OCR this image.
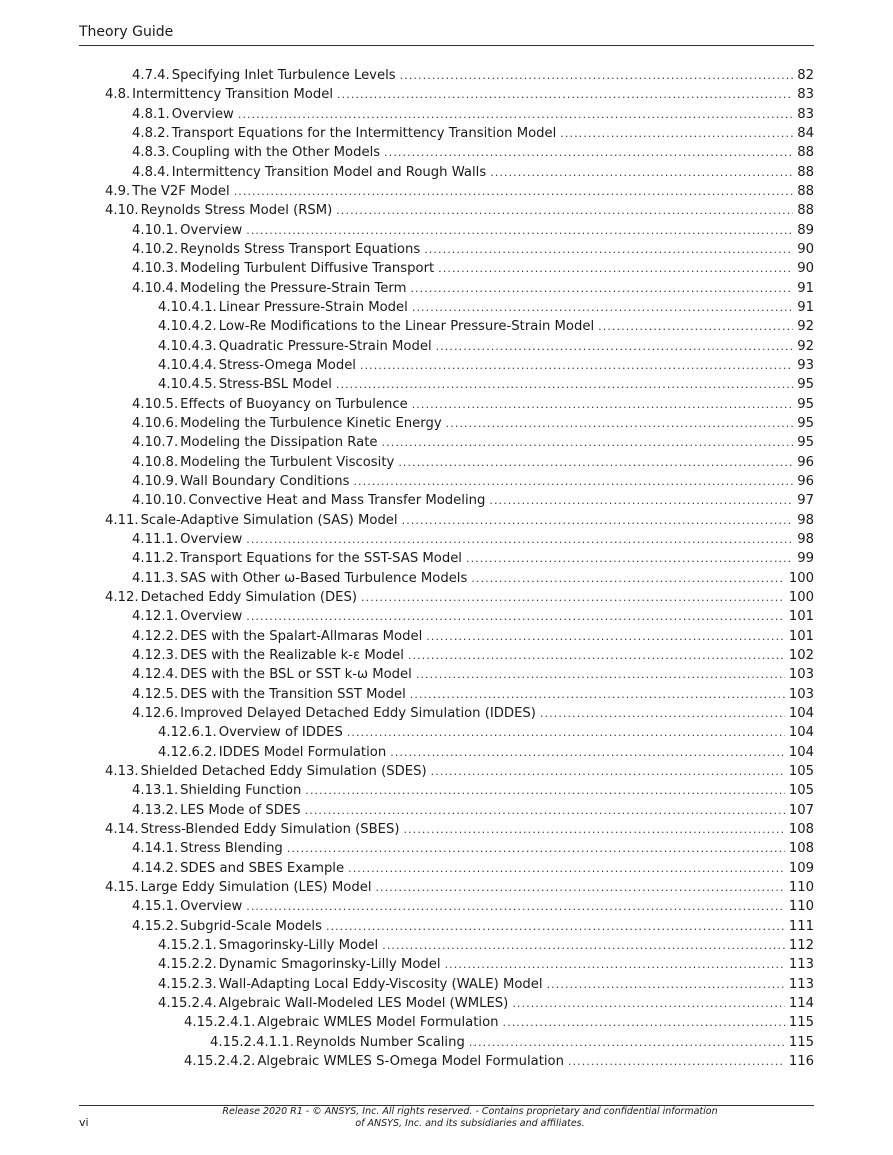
Theory Guide
4.7.4. Specifying Inlet Turbulence Levels .....	82
4.8. Intermittency Transition Model .....	83
4.8.1. Overview .....	83
4.8.2. Transport Equations for the Intermittency Transition Model .....	84
4.8.3. Coupling with the Other Models .....	88
4.8.4. Intermittency Transition Model and Rough Walls .....	88
4.9. The V2F Model .....	88
4.10. Reynolds Stress Model (RSM) .....	88
4.10.1. Overview .....	89
4.10.2. Reynolds Stress Transport Equations .....	90
4.10.3. Modeling Turbulent Diffusive Transport .....	90
4.10.4. Modeling the Pressure-Strain Term .....	91
4.10.4.1. Linear Pressure-Strain Model .....	91
4.10.4.2. Low-Re Modifications to the Linear Pressure-Strain Model .....	92
4.10.4.3. Quadratic Pressure-Strain Model .....	92
4.10.4.4. Stress-Omega Model .....	93
4.10.4.5. Stress-BSL Model .....	95
4.10.5. Effects of Buoyancy on Turbulence .....	95
4.10.6. Modeling the Turbulence Kinetic Energy .....	95
4.10.7. Modeling the Dissipation Rate .....	95
4.10.8. Modeling the Turbulent Viscosity .....	96
4.10.9. Wall Boundary Conditions .....	96
4.10.10. Convective Heat and Mass Transfer Modeling .....	97
4.11. Scale-Adaptive Simulation (SAS) Model .....	98
4.11.1. Overview .....	98
4.11.2. Transport Equations for the SST-SAS Model .....	99
4.11.3. SAS with Other ω-Based Turbulence Models .....	100
4.12. Detached Eddy Simulation (DES) .....	100
4.12.1. Overview .....	101
4.12.2. DES with the Spalart-Allmaras Model .....	101
4.12.3. DES with the Realizable k-ε Model .....	102
4.12.4. DES with the BSL or SST k-ω Model .....	103
4.12.5. DES with the Transition SST Model .....	103
4.12.6. Improved Delayed Detached Eddy Simulation (IDDES) .....	104
4.12.6.1. Overview of IDDES .....	104
4.12.6.2. IDDES Model Formulation .....	104
4.13. Shielded Detached Eddy Simulation (SDES) .....	105
4.13.1. Shielding Function .....	105
4.13.2. LES Mode of SDES .....	107
4.14. Stress-Blended Eddy Simulation (SBES) .....	108
4.14.1. Stress Blending .....	108
4.14.2. SDES and SBES Example .....	109
4.15. Large Eddy Simulation (LES) Model .....	110
4.15.1. Overview .....	110
4.15.2. Subgrid-Scale Models .....	111
4.15.2.1. Smagorinsky-Lilly Model .....	112
4.15.2.2. Dynamic Smagorinsky-Lilly Model .....	113
4.15.2.3. Wall-Adapting Local Eddy-Viscosity (WALE) Model .....	113
4.15.2.4. Algebraic Wall-Modeled LES Model (WMLES) .....	114
4.15.2.4.1. Algebraic WMLES Model Formulation .....	115
4.15.2.4.1.1. Reynolds Number Scaling .....	115
4.15.2.4.2. Algebraic WMLES S-Omega Model Formulation .....	116
vi
Release 2020 R1 - © ANSYS, Inc. All rights reserved. - Contains proprietary and confidential information
of ANSYS, Inc. and its subsidiaries and affiliates.
